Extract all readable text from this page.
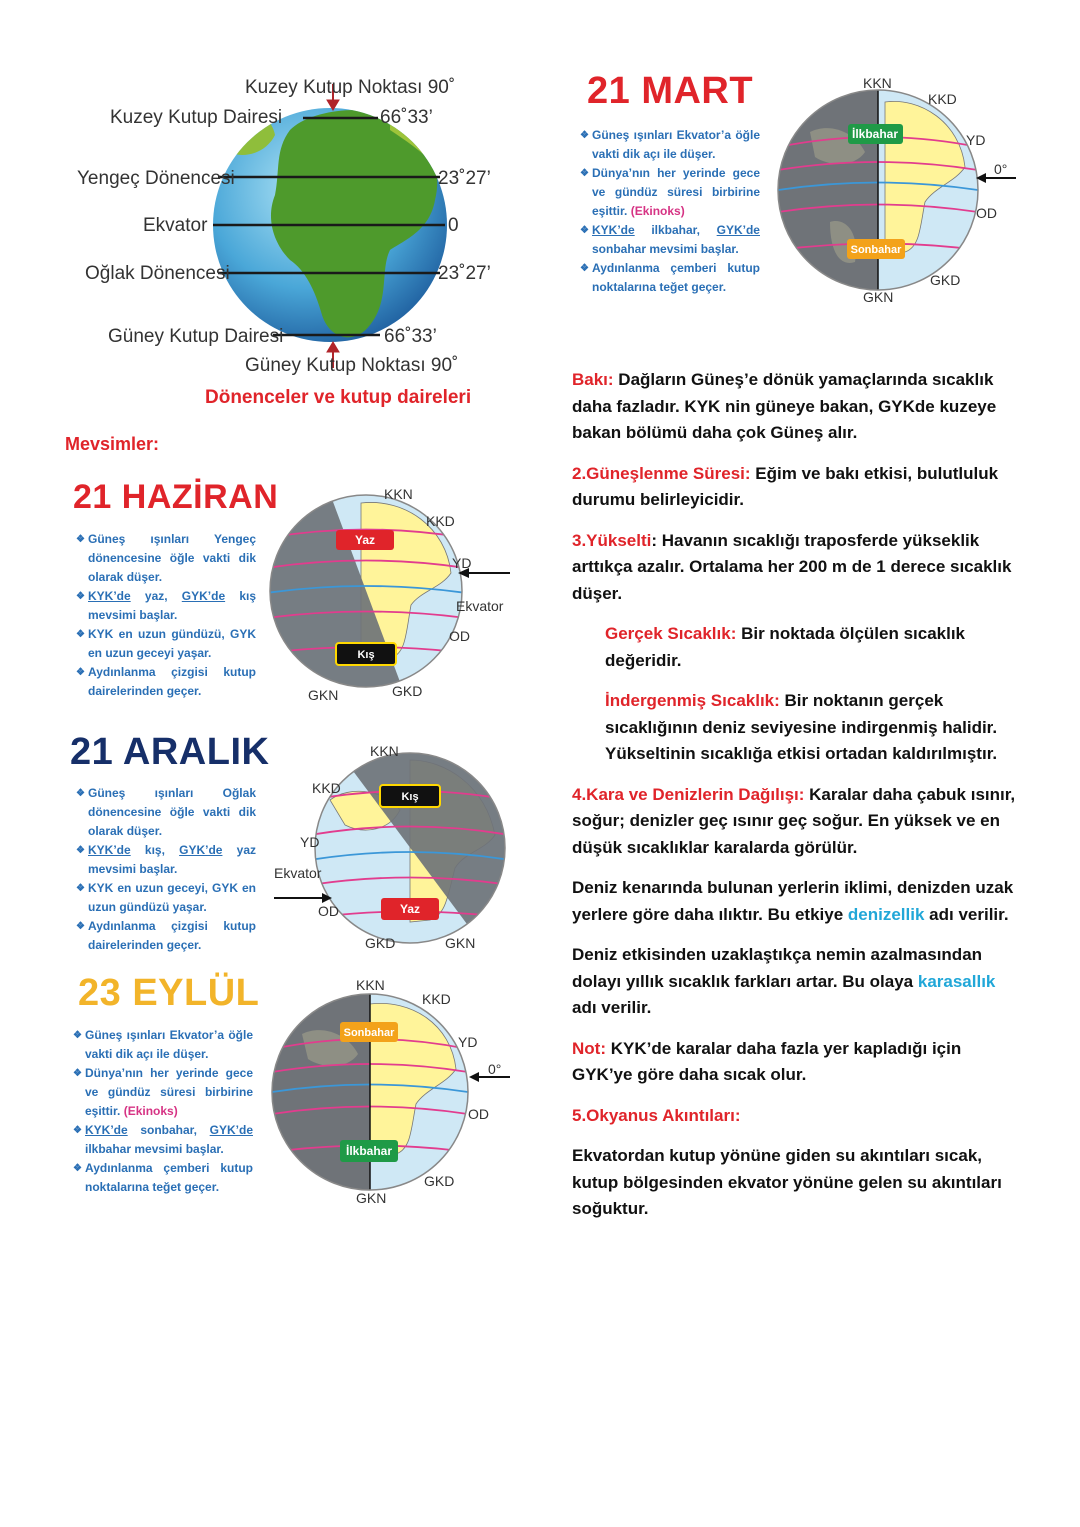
Kuzey Kutup Noktası 90˚
Kuzey Kutup Dairesi	66˚33’
Yengeç Dönencesi	23˚27’
Ekvator	0
Oğlak Dönencesi	23˚27’
Güney Kutup Dairesi	66˚33’
Güney Kutup Noktası 90˚
Dönenceler ve kutup daireleri
21 MART
❖ Güneş ışınları Ekvator’a öğle vakti dik açı ile düşer.
❖ Dünya’nın her yerinde gece ve gündüz süresi birbirine eşittir. (Ekinoks)
❖ KYK’de ilkbahar, GYK’de sonbahar mevsimi başlar.
❖ Aydınlanma çemberi kutup noktalarına teğet geçer.
İlkbahar
Sonbahar
KKN
KKD
YD
0°
OD
GKD
GKN
Mevsimler:
21 HAZİRAN
❖ Güneş ışınları Yengeç dönencesine öğle vakti dik olarak düşer.
❖ KYK’de yaz, GYK’de kış mevsimi başlar.
❖ KYK en uzun gündüzü, GYK en uzun geceyi yaşar.
❖ Aydınlanma çizgisi kutup dairelerinden geçer.
Yaz
Kış
KKN
KKD
YD
Ekvator
OD
GKD
GKN
21 ARALIK
❖ Güneş ışınları Oğlak dönencesine öğle vakti dik olarak düşer.
❖ KYK’de kış, GYK’de yaz mevsimi başlar.
❖ KYK en uzun geceyi, GYK en uzun gündüzü yaşar.
❖ Aydınlanma çizgisi kutup dairelerinden geçer.
Kış
Yaz
KKN
KKD
YD
Ekvator
OD
GKD	GKN
23 EYLÜL
❖ Güneş ışınları Ekvator’a öğle vakti dik açı ile düşer.
❖ Dünya’nın her yerinde gece ve gündüz süresi birbirine eşittir. (Ekinoks)
❖ KYK’de sonbahar, GYK’de ilkbahar mevsimi başlar.
❖ Aydınlanma çemberi kutup noktalarına teğet geçer.
Sonbahar
İlkbahar
KKN
KKD
YD
0°
OD
GKD
GKN

Bakı: Dağların Güneş’e dönük yamaçlarında sıcaklık daha fazladır. KYK nin güneye bakan, GYKde kuzeye bakan bölümü daha çok Güneş alır.

2.Güneşlenme Süresi: Eğim ve bakı etkisi, bulutluluk durumu belirleyicidir.

3.Yükselti: Havanın sıcaklığı traposferde yükseklik arttıkça azalır. Ortalama her 200 m de 1 derece sıcaklık düşer.

Gerçek Sıcaklık: Bir noktada ölçülen sıcaklık değeridir.

İndergenmiş Sıcaklık: Bir noktanın gerçek sıcaklığının deniz seviyesine indirgenmiş halidir. Yükseltinin sıcaklığa etkisi ortadan kaldırılmıştır.

4.Kara ve Denizlerin Dağılışı: Karalar daha çabuk ısınır, soğur; denizler geç ısınır geç soğur. En yüksek ve en düşük sıcaklıklar karalarda görülür.

Deniz kenarında bulunan yerlerin iklimi, denizden uzak yerlere göre daha ılıktır. Bu etkiye denizellik adı verilir.

Deniz etkisinden uzaklaştıkça nemin azalmasından dolayı yıllık sıcaklık farkları artar. Bu olaya karasallık adı verilir.

Not: KYK’de karalar daha fazla yer kapladığı için GYK’ye göre daha sıcak olur.

5.Okyanus Akıntıları:

Ekvatordan kutup yönüne giden su akıntıları sıcak, kutup bölgesinden ekvator yönüne gelen su akıntıları soğuktur.
